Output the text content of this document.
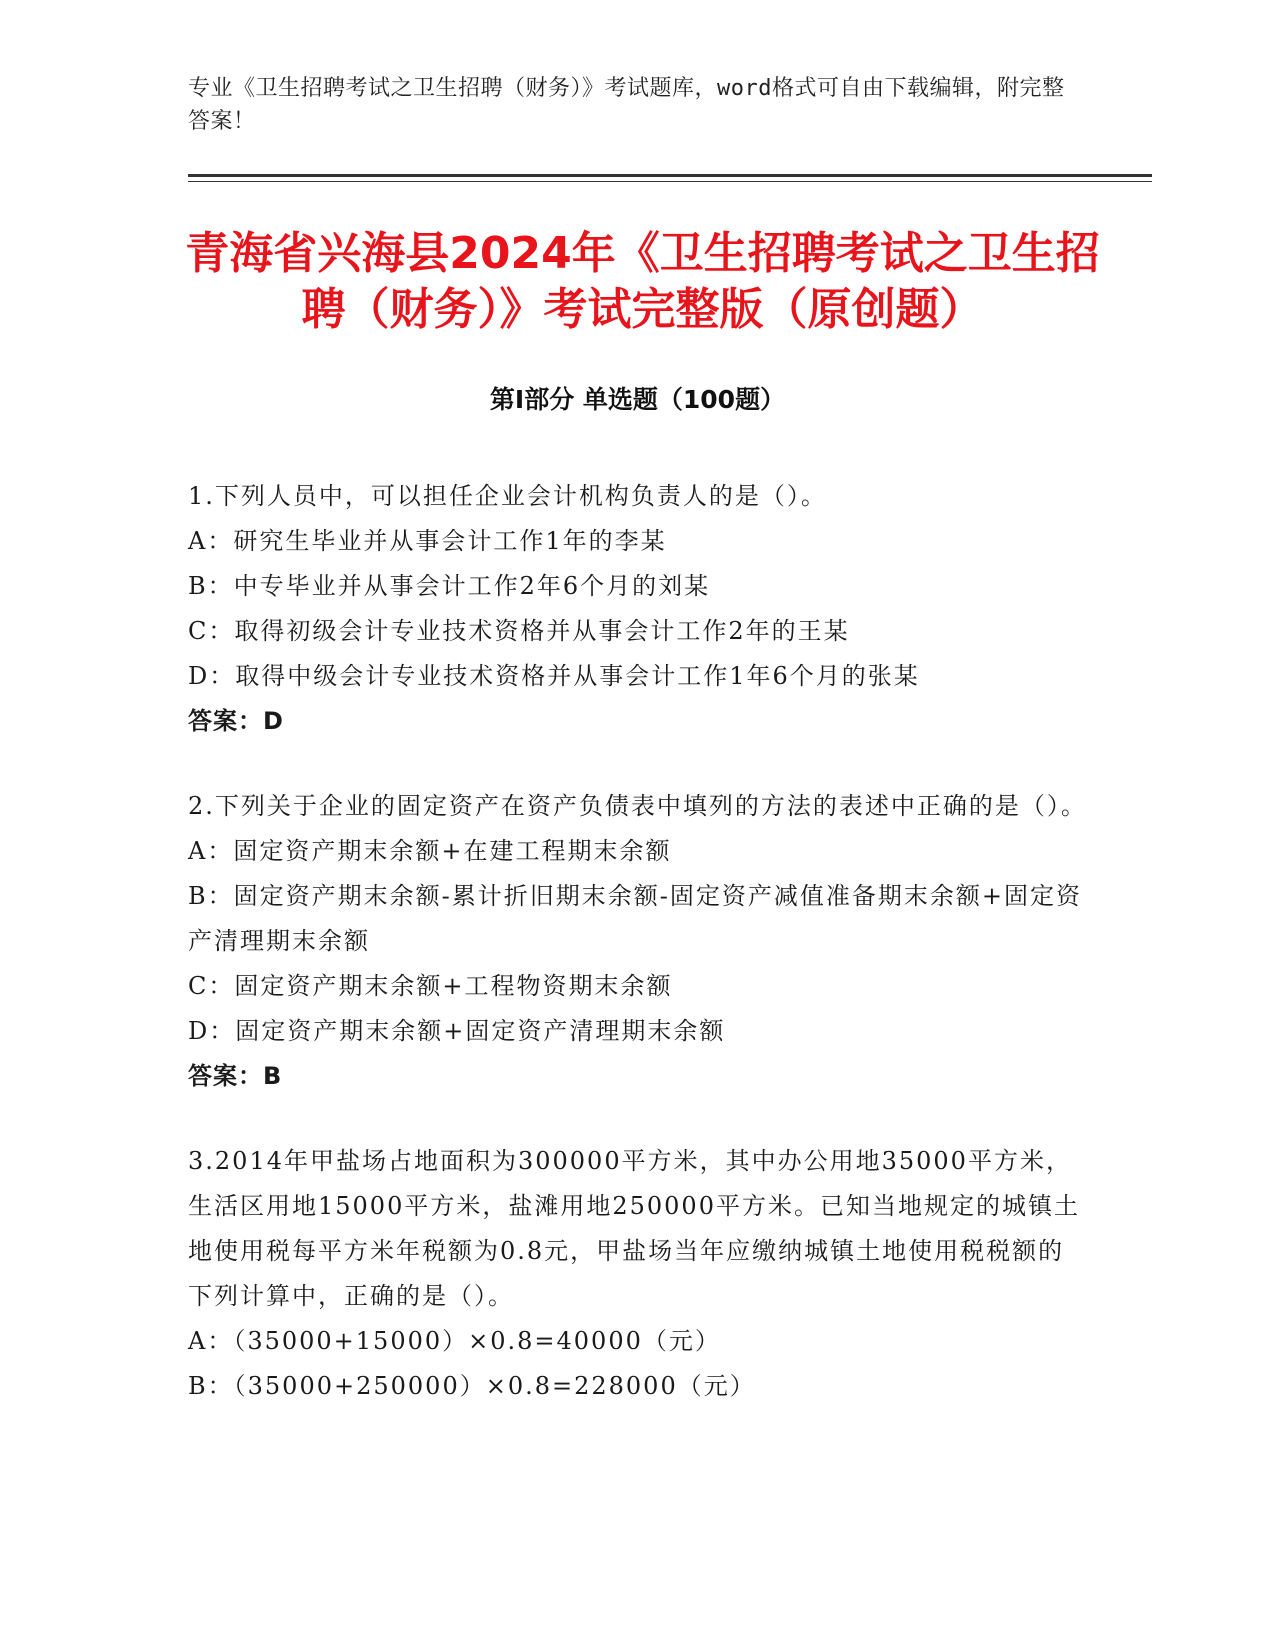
专业《卫生招聘考试之卫生招聘（财务）》考试题库，word格式可自由下载编辑，附完整答案！
青海省兴海县2024年《卫生招聘考试之卫生招聘（财务）》考试完整版（原创题）
第Ⅰ部分 单选题（100题）

1.下列人员中，可以担任企业会计机构负责人的是（）。

A：研究生毕业并从事会计工作1年的李某

B：中专毕业并从事会计工作2年6个月的刘某

C：取得初级会计专业技术资格并从事会计工作2年的王某

D：取得中级会计专业技术资格并从事会计工作1年6个月的张某

答案：D

2.下列关于企业的固定资产在资产负债表中填列的方法的表述中正确的是（）。

A：固定资产期末余额+在建工程期末余额

B：固定资产期末余额-累计折旧期末余额-固定资产减值准备期末余额+固定资产清理期末余额

C：固定资产期末余额+工程物资期末余额

D：固定资产期末余额+固定资产清理期末余额

答案：B

3.2014年甲盐场占地面积为300000平方米，其中办公用地35000平方米，生活区用地15000平方米，盐滩用地250000平方米。已知当地规定的城镇土地使用税每平方米年税额为0.8元，甲盐场当年应缴纳城镇土地使用税税额的下列计算中，正确的是（）。

A：（35000+15000）×0.8=40000（元）

B：（35000+250000）×0.8=228000（元）
